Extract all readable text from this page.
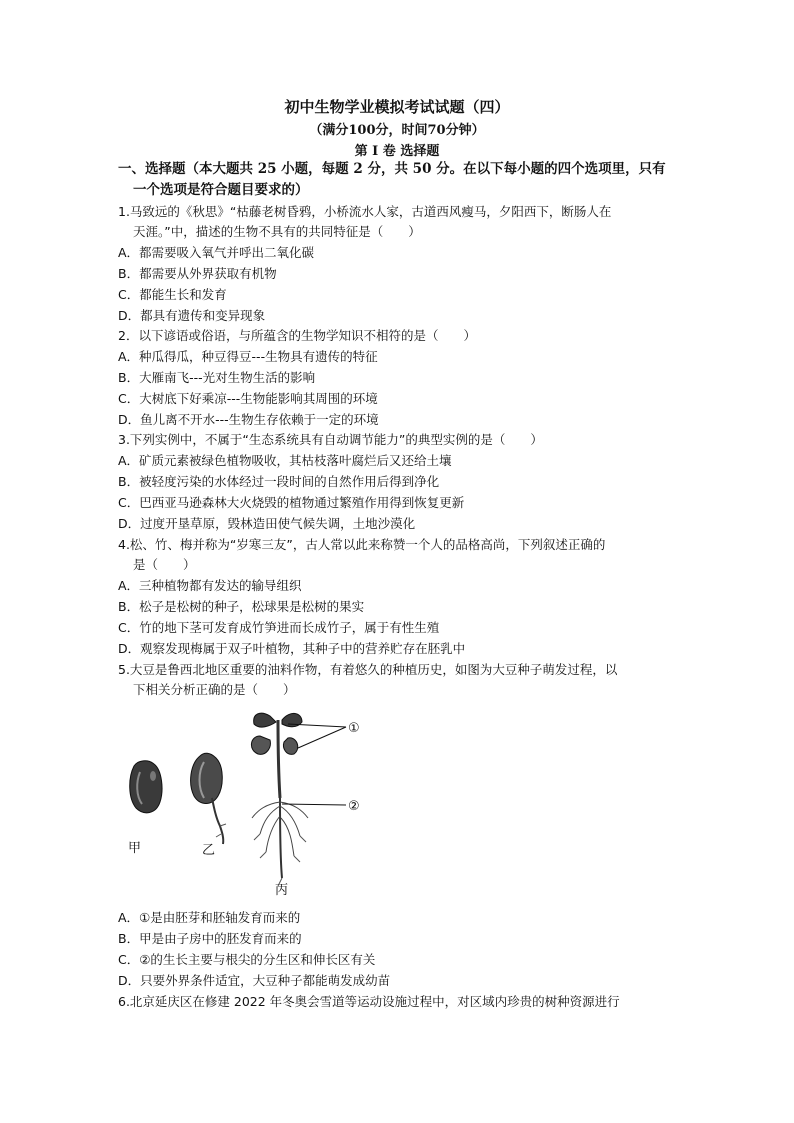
初中生物学业模拟考试试题（四）
（满分100分，时间70分钟）
第 I 卷 选择题
一、选择题（本大题共 25 小题，每题 2 分，共 50 分。在以下每小题的四个选项里，只有
一个选项是符合题目要求的）
1.马致远的《秋思》“枯藤老树昏鸦，小桥流水人家，古道西风瘦马，夕阳西下，断肠人在
天涯。”中，描述的生物不具有的共同特征是（　　）
A．都需要吸入氧气并呼出二氧化碳
B．都需要从外界获取有机物
C．都能生长和发育
D．都具有遗传和变异现象
2．以下谚语或俗语，与所蕴含的生物学知识不相符的是（　　）
A．种瓜得瓜，种豆得豆---生物具有遗传的特征
B．大雁南飞---光对生物生活的影响
C．大树底下好乘凉---生物能影响其周围的环境
D．鱼儿离不开水---生物生存依赖于一定的环境
3.下列实例中，不属于“生态系统具有自动调节能力”的典型实例的是（　　）
A．矿质元素被绿色植物吸收，其枯枝落叶腐烂后又还给土壤
B．被轻度污染的水体经过一段时间的自然作用后得到净化
C．巴西亚马逊森林大火烧毁的植物通过繁殖作用得到恢复更新
D．过度开垦草原，毁林造田使气候失调，土地沙漠化
4.松、竹、梅并称为“岁寒三友”，古人常以此来称赞一个人的品格高尚，下列叙述正确的
是（　　）
A．三种植物都有发达的输导组织
B．松子是松树的种子，松球果是松树的果实
C．竹的地下茎可发育成竹笋进而长成竹子，属于有性生殖
D．观察发现梅属于双子叶植物，其种子中的营养贮存在胚乳中
5.大豆是鲁西北地区重要的油料作物，有着悠久的种植历史，如图为大豆种子萌发过程，以
下相关分析正确的是（　　）
甲	乙
①
②
丙
A．①是由胚芽和胚轴发育而来的
B．甲是由子房中的胚发育而来的
C．②的生长主要与根尖的分生区和伸长区有关
D．只要外界条件适宜，大豆种子都能萌发成幼苗
6.北京延庆区在修建 2022 年冬奥会雪道等运动设施过程中，对区域内珍贵的树种资源进行
